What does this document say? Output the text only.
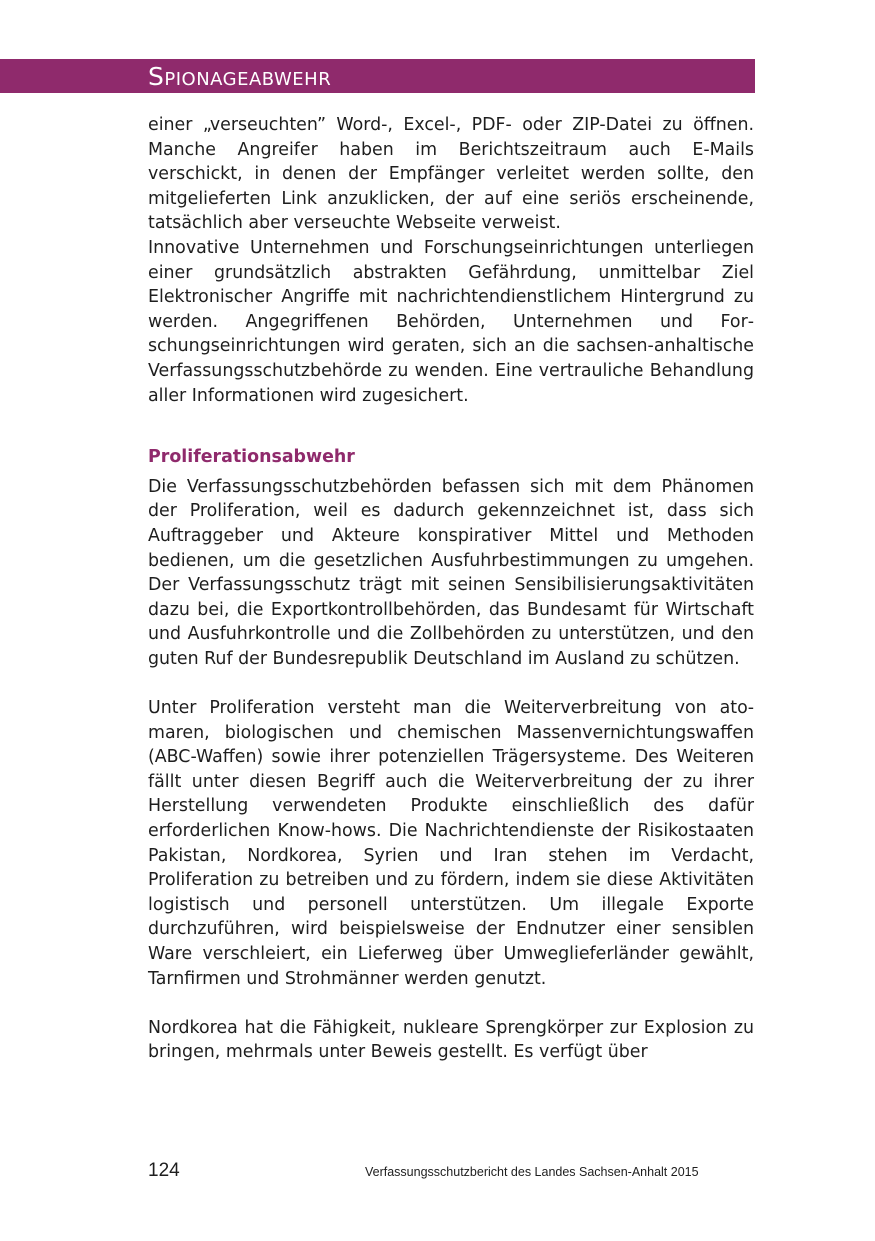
Spionageabwehr

einer „verseuchten” Word-, Excel-, PDF- oder ZIP-Datei zu öffnen. Manche Angreifer haben im Berichtszeitraum auch E-Mails verschickt, in denen der Empfänger verleitet werden sollte, den mitgelieferten Link anzuklicken, der auf eine seriös erscheinende, tatsächlich aber verseuchte Webseite verweist.

Innovative Unternehmen und Forschungseinrichtungen unterliegen einer grundsätzlich abstrakten Gefährdung, unmittelbar Ziel Elektronischer Angriffe mit nachrichtendienstlichem Hintergrund zu werden. Angegriffenen Behörden, Unternehmen und Forschungseinrichtungen wird geraten, sich an die sachsen-anhaltische Verfassungsschutzbehörde zu wenden. Eine vertrauliche Behandlung aller Informationen wird zugesichert.

Proliferationsabwehr

Die Verfassungsschutzbehörden befassen sich mit dem Phänomen der Proliferation, weil es dadurch gekennzeichnet ist, dass sich Auftraggeber und Akteure konspirativer Mittel und Methoden bedienen, um die gesetzlichen Ausfuhrbestimmungen zu umgehen. Der Verfassungsschutz trägt mit seinen Sensibilisierungsaktivitäten dazu bei, die Exportkontrollbehörden, das Bundesamt für Wirtschaft und Ausfuhrkontrolle und die Zollbehörden zu unterstützen, und den guten Ruf der Bundesrepublik Deutschland im Ausland zu schützen.

Unter Proliferation versteht man die Weiterverbreitung von atomaren, biologischen und chemischen Massenvernichtungswaffen (ABC-Waffen) sowie ihrer potenziellen Trägersysteme. Des Weiteren fällt unter diesen Begriff auch die Weiterverbreitung der zu ihrer Herstellung verwendeten Produkte einschließlich des dafür erforderlichen Know-hows. Die Nachrichtendienste der Risikostaaten Pakistan, Nordkorea, Syrien und Iran stehen im Verdacht, Proliferation zu betreiben und zu fördern, indem sie diese Aktivitäten logistisch und personell unterstützen. Um illegale Exporte durchzuführen, wird beispielsweise der Endnutzer einer sensiblen Ware verschleiert, ein Lieferweg über Umweglieferländer gewählt, Tarnfirmen und Strohmänner werden genutzt.

Nordkorea hat die Fähigkeit, nukleare Sprengkörper zur Explosion zu bringen, mehrmals unter Beweis gestellt. Es verfügt über

124	Verfassungsschutzbericht des Landes Sachsen-Anhalt 2015
